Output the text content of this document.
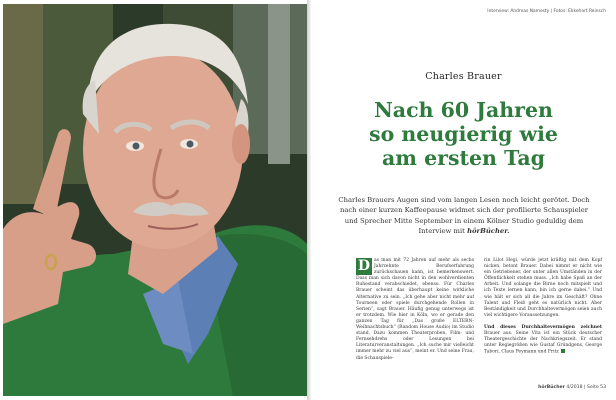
Interview: Andreas Namesty | Fotos: Ekkehart Reinsch
Charles Brauer
Nach 60 Jahren
so neugierig wie
am ersten Tag
Charles Brauers Augen sind vom langen Lesen noch leicht gerötet. Doch nach einer kurzen Kaffeepause widmet sich der profilierte Schauspieler und Sprecher Mitte September in einem Kölner Studio geduldig dem Interview mit hörBücher.
D as man mit 72 Jahren auf mehr als sechs Jahrzehnte Berufserfahrung zurückschauen kann, ist bemerkenswert. Dass man sich davon nicht in den wohlverdienten Ruhestand verabschiedet, ebenso. Für Charles Brauer scheint das überhaupt keine wirkliche Alternative zu sein. „Ich gehe aber nicht mehr auf Tourneen oder spiele durchgehende Rollen in Serien“, sagt Brauer. Häufig genug unterwegs ist er trotzdem. Wie hier in Köln, wo er gerade den ganzen Tag für „Das große ELTERN-Weihnachtsbuch“ (Random House Audio) im Studio stand. Dazu kommen Theaterproben, Film- und Fernsehdrehs oder Lesungen bei Literaturveranstaltungen. „Ich suche mir vielleicht immer mehr zu viel aus“, meint er. Und seine Frau, die Schauspiele-
rin Lilot Hegi, würde jetzt kräftig mit dem Kopf nicken, betont Brauer. Dabei nimmt er nicht wie ein Getriebener, der unter allen Umständen in der Öffentlichkeit stehen muss. „Ich habe Spaß an der Arbeit. Und solange die Birne noch mitspielt und ich Texte lernen kann, bin ich gerne dabei.“ Und wie hält er sich all die Jahre im Geschäft? Ohne Talent und Fleiß geht es natürlich nicht. Aber Beständigkeit und Durchhaltevermögen seien auch viel wichtigere Voraussetzungen.

Und dieses Durchhaltevermögen zeichnet Brauer aus. Seine Vita ist ein Stück deutscher Theatergeschichte der Nachkriegszeit. Er stand unter Regiegrößen wie Gustaf Gründgens, George Tabori, Claus Peymann und Fritz
hörBücher 4/2018 | Seite 53
